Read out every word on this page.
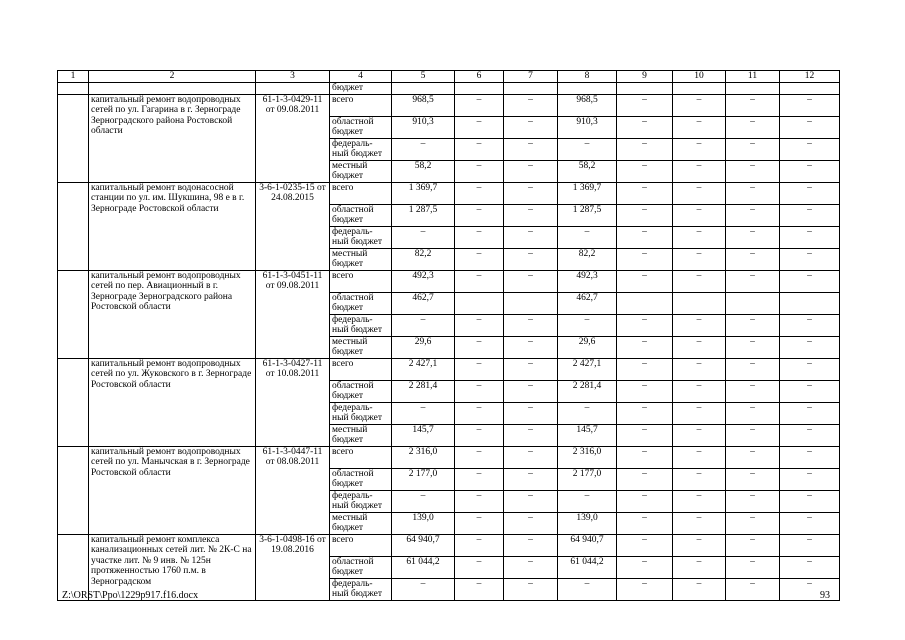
1	2	3	4	5	6	7	8	9	10	11	12
			бюджет								
	капитальный ремонт водопроводных сетей по ул. Гагарина в г. Зернограде Зерноградского района Ростовской области	61-1-3-0429-11 от 09.08.2011	всего	968,5	–	–	968,5	–	–	–	–
			областной бюджет	910,3	–	–	910,3	–	–	–	–
			федераль-ный бюджет	–	–	–	–	–	–	–	–
			местный бюджет	58,2	–	–	58,2	–	–	–	–
	капитальный ремонт водонасосной станции по ул. им. Шукшина, 98 е в г. Зернограде Ростовской области	3-6-1-0235-15 от 24.08.2015	всего	1 369,7	–	–	1 369,7	–	–	–	–
			областной бюджет	1 287,5	–	–	1 287,5	–	–	–	–
			федераль-ный бюджет	–	–	–	–	–	–	–	–
			местный бюджет	82,2	–	–	82,2	–	–	–	–
	капитальный ремонт водопроводных сетей по пер. Авиационный в г. Зернограде Зерноградского района Ростовской области	61-1-3-0451-11 от 09.08.2011	всего	492,3	–	–	492,3	–	–	–	–
			областной бюджет	462,7			462,7				
			федераль-ный бюджет	–	–	–	–	–	–	–	–
			местный бюджет	29,6	–	–	29,6	–	–	–	–
	капитальный ремонт водопроводных сетей по ул. Жуковского в г. Зернограде Ростовской области	61-1-3-0427-11 от 10.08.2011	всего	2 427,1	–	–	2 427,1	–	–	–	–
			областной бюджет	2 281,4	–	–	2 281,4	–	–	–	–
			федераль-ный бюджет	–	–	–	–	–	–	–	–
			местный бюджет	145,7	–	–	145,7	–	–	–	–
	капитальный ремонт водопроводных сетей по ул. Манычская в г. Зернограде Ростовской области	61-1-3-0447-11 от 08.08.2011	всего	2 316,0	–	–	2 316,0	–	–	–	–
			областной бюджет	2 177,0	–	–	2 177,0	–	–	–	–
			федераль-ный бюджет	–	–	–	–	–	–	–	–
			местный бюджет	139,0	–	–	139,0	–	–	–	–
	капитальный ремонт комплекса канализационных сетей лит. № 2К-С на участке лит. № 9 инв. № 125н протяженностью 1760 п.м. в Зерноградском	3-6-1-0498-16 от 19.08.2016	всего	64 940,7	–	–	64 940,7	–	–	–	–
			областной бюджет	61 044,2	–	–	61 044,2	–	–	–	–
			федераль-ный бюджет	–	–	–	–	–	–	–	–
Z:\ORST\Ppo\1229p917.f16.docx	93
